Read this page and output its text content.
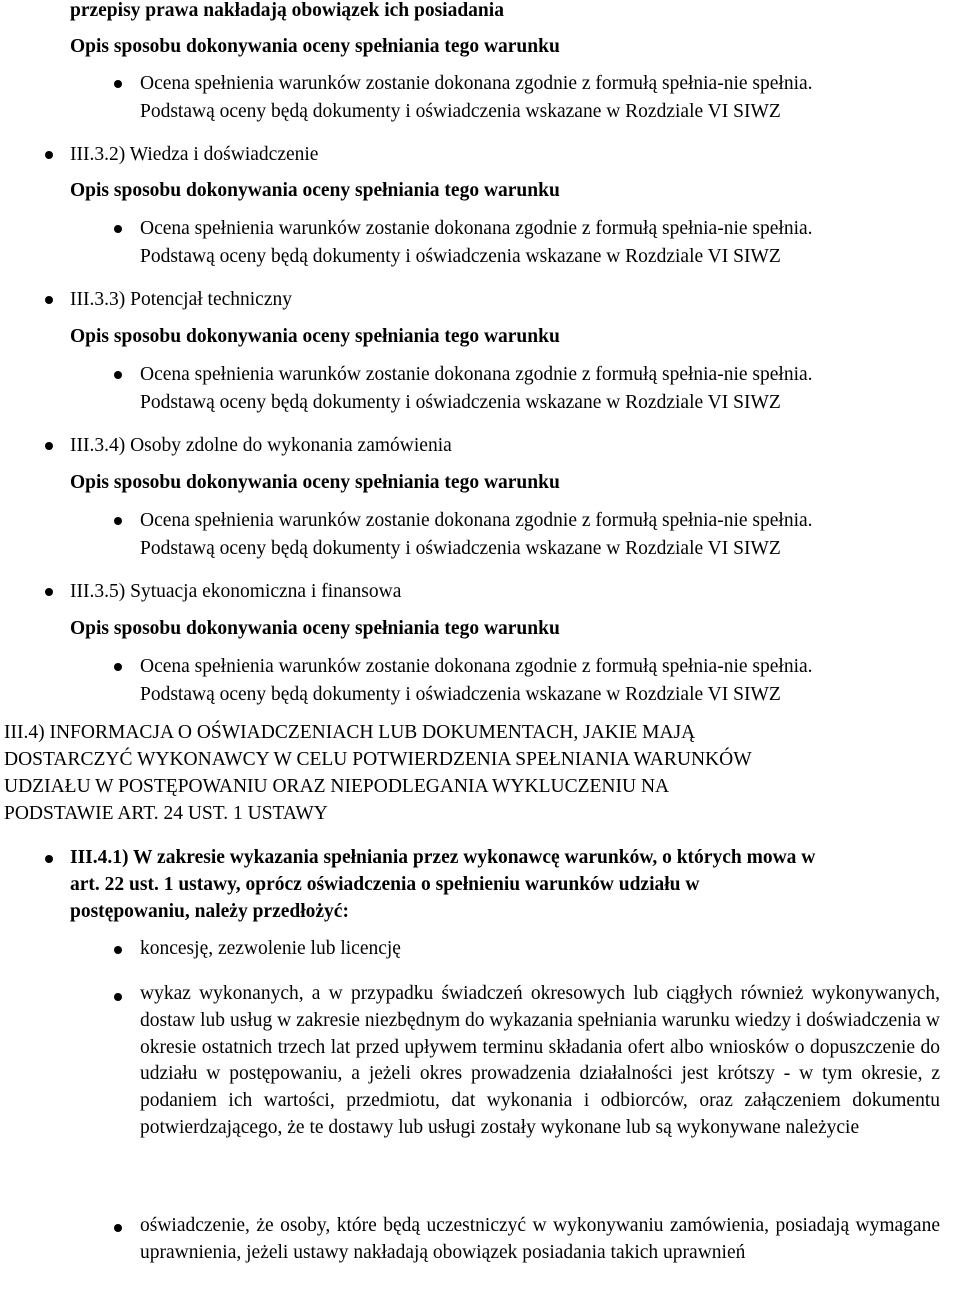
przepisy prawa nakładają obowiązek ich posiadania
Opis sposobu dokonywania oceny spełniania tego warunku
Ocena spełnienia warunków zostanie dokonana zgodnie z formułą spełnia-nie spełnia.
Podstawą oceny będą dokumenty i oświadczenia wskazane w Rozdziale VI SIWZ
III.3.2) Wiedza i doświadczenie
Opis sposobu dokonywania oceny spełniania tego warunku
Ocena spełnienia warunków zostanie dokonana zgodnie z formułą spełnia-nie spełnia.
Podstawą oceny będą dokumenty i oświadczenia wskazane w Rozdziale VI SIWZ
III.3.3) Potencjał techniczny
Opis sposobu dokonywania oceny spełniania tego warunku
Ocena spełnienia warunków zostanie dokonana zgodnie z formułą spełnia-nie spełnia.
Podstawą oceny będą dokumenty i oświadczenia wskazane w Rozdziale VI SIWZ
III.3.4) Osoby zdolne do wykonania zamówienia
Opis sposobu dokonywania oceny spełniania tego warunku
Ocena spełnienia warunków zostanie dokonana zgodnie z formułą spełnia-nie spełnia.
Podstawą oceny będą dokumenty i oświadczenia wskazane w Rozdziale VI SIWZ
III.3.5) Sytuacja ekonomiczna i finansowa
Opis sposobu dokonywania oceny spełniania tego warunku
Ocena spełnienia warunków zostanie dokonana zgodnie z formułą spełnia-nie spełnia.
Podstawą oceny będą dokumenty i oświadczenia wskazane w Rozdziale VI SIWZ
III.4) INFORMACJA O OŚWIADCZENIACH LUB DOKUMENTACH, JAKIE MAJĄ
DOSTARCZYĆ WYKONAWCY W CELU POTWIERDZENIA SPEŁNIANIA WARUNKÓW
UDZIAŁU W POSTĘPOWANIU ORAZ NIEPODLEGANIA WYKLUCZENIU NA
PODSTAWIE ART. 24 UST. 1 USTAWY
III.4.1) W zakresie wykazania spełniania przez wykonawcę warunków, o których mowa w
art. 22 ust. 1 ustawy, oprócz oświadczenia o spełnieniu warunków udziału w
postępowaniu, należy przedłożyć:
koncesję, zezwolenie lub licencję
wykaz wykonanych, a w przypadku świadczeń okresowych lub ciągłych również wykonywanych, dostaw lub usług w zakresie niezbędnym do wykazania spełniania warunku wiedzy i doświadczenia w okresie ostatnich trzech lat przed upływem terminu składania ofert albo wniosków o dopuszczenie do udziału w postępowaniu, a jeżeli okres prowadzenia działalności jest krótszy - w tym okresie, z podaniem ich wartości, przedmiotu, dat wykonania i odbiorców, oraz załączeniem dokumentu potwierdzającego, że te dostawy lub usługi zostały wykonane lub są wykonywane należycie
oświadczenie, że osoby, które będą uczestniczyć w wykonywaniu zamówienia, posiadają wymagane uprawnienia, jeżeli ustawy nakładają obowiązek posiadania takich uprawnień
